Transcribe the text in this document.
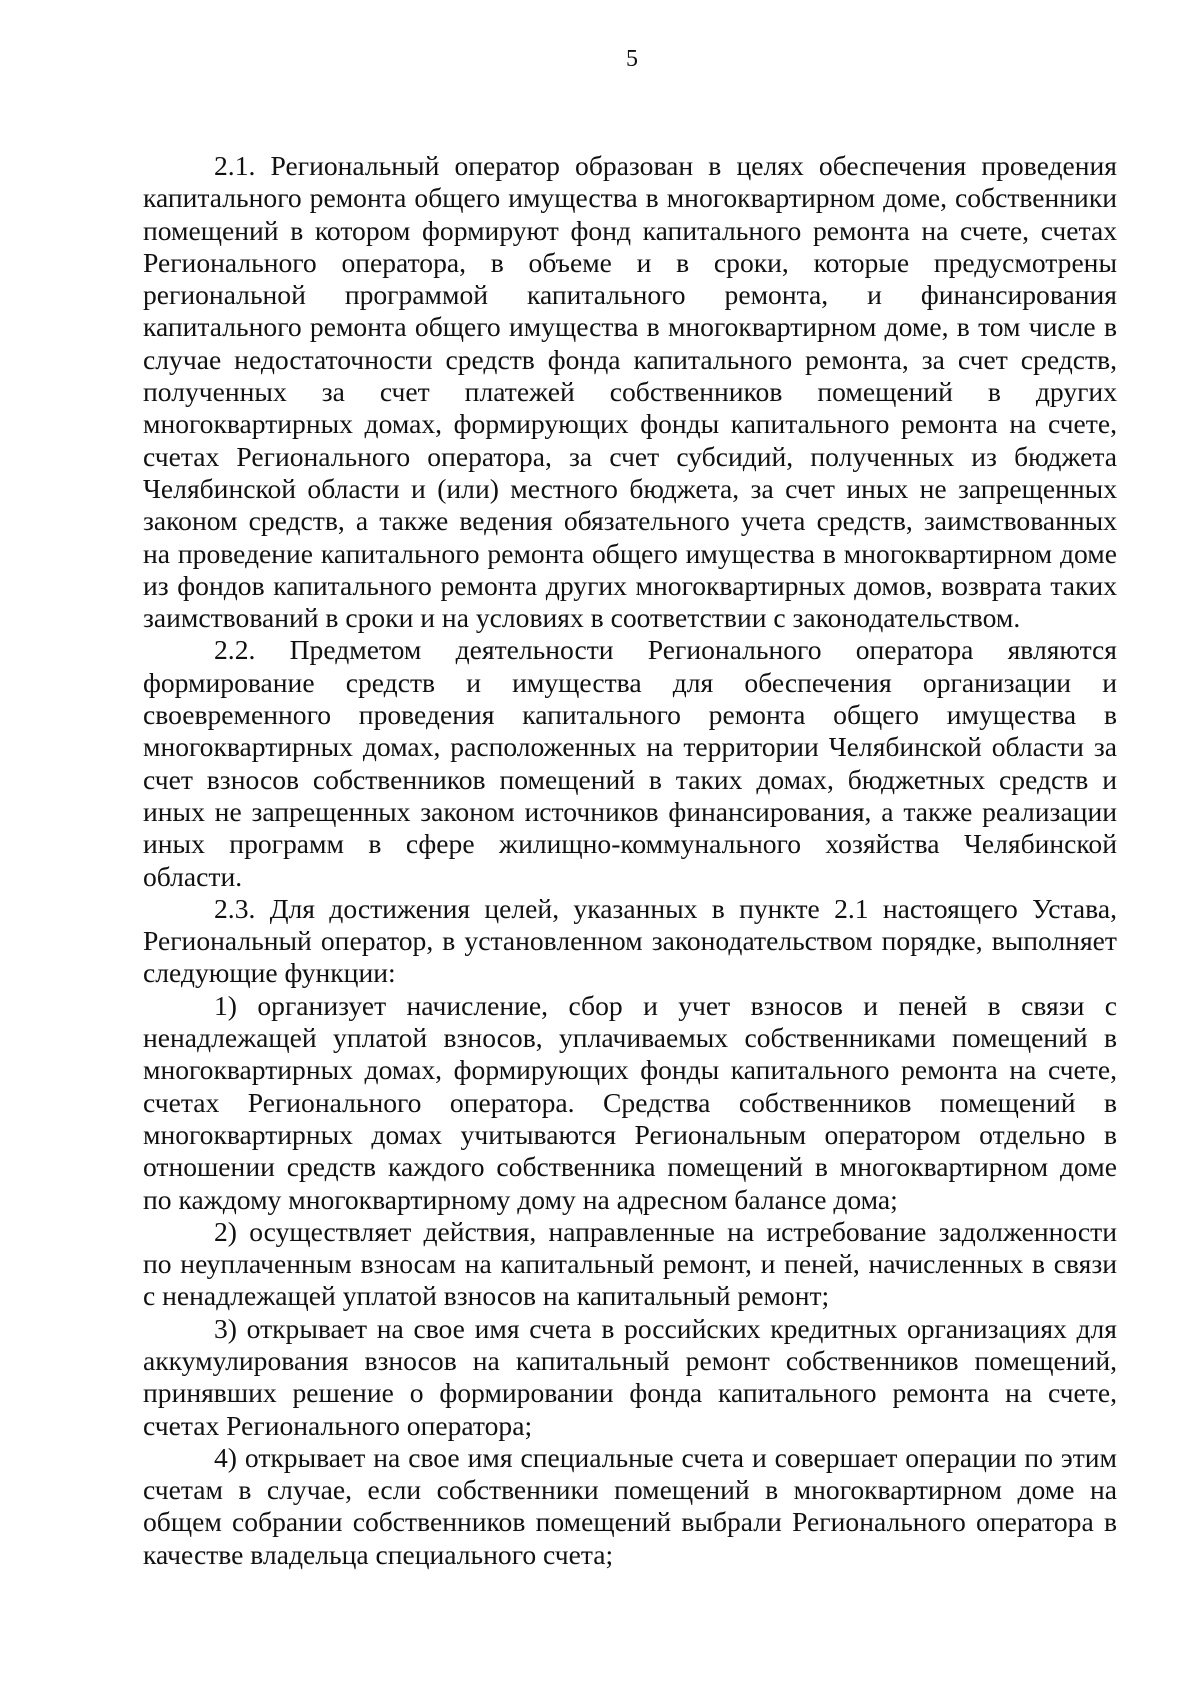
5

2.1. Региональный оператор образован в целях обеспечения проведения капитального ремонта общего имущества в многоквартирном доме, собственники помещений в котором формируют фонд капитального ремонта на счете, счетах Регионального оператора, в объеме и в сроки, которые предусмотрены региональной программой капитального ремонта, и финансирования капитального ремонта общего имущества в многоквартирном доме, в том числе в случае недостаточности средств фонда капитального ремонта, за счет средств, полученных за счет платежей собственников помещений в других многоквартирных домах, формирующих фонды капитального ремонта на счете, счетах Регионального оператора, за счет субсидий, полученных из бюджета Челябинской области и (или) местного бюджета, за счет иных не запрещенных законом средств, а также ведения обязательного учета средств, заимствованных на проведение капитального ремонта общего имущества в многоквартирном доме из фондов капитального ремонта других многоквартирных домов, возврата таких заимствований в сроки и на условиях в соответствии с законодательством.

2.2. Предметом деятельности Регионального оператора являются формирование средств и имущества для обеспечения организации и своевременного проведения капитального ремонта общего имущества в многоквартирных домах, расположенных на территории Челябинской области за счет взносов собственников помещений в таких домах, бюджетных средств и иных не запрещенных законом источников финансирования, а также реализации иных программ в сфере жилищно-коммунального хозяйства Челябинской области.

2.3. Для достижения целей, указанных в пункте 2.1 настоящего Устава, Региональный оператор, в установленном законодательством порядке, выполняет следующие функции:

1) организует начисление, сбор и учет взносов и пеней в связи с ненадлежащей уплатой взносов, уплачиваемых собственниками помещений в многоквартирных домах, формирующих фонды капитального ремонта на счете, счетах Регионального оператора. Средства собственников помещений в многоквартирных домах учитываются Региональным оператором отдельно в отношении средств каждого собственника помещений в многоквартирном доме по каждому многоквартирному дому на адресном балансе дома;

2) осуществляет действия, направленные на истребование задолженности по неуплаченным взносам на капитальный ремонт, и пеней, начисленных в связи с ненадлежащей уплатой взносов на капитальный ремонт;

3) открывает на свое имя счета в российских кредитных организациях для аккумулирования взносов на капитальный ремонт собственников помещений, принявших решение о формировании фонда капитального ремонта на счете, счетах Регионального оператора;

4) открывает на свое имя специальные счета и совершает операции по этим счетам в случае, если собственники помещений в многоквартирном доме на общем собрании собственников помещений выбрали Регионального оператора в качестве владельца специального счета;
